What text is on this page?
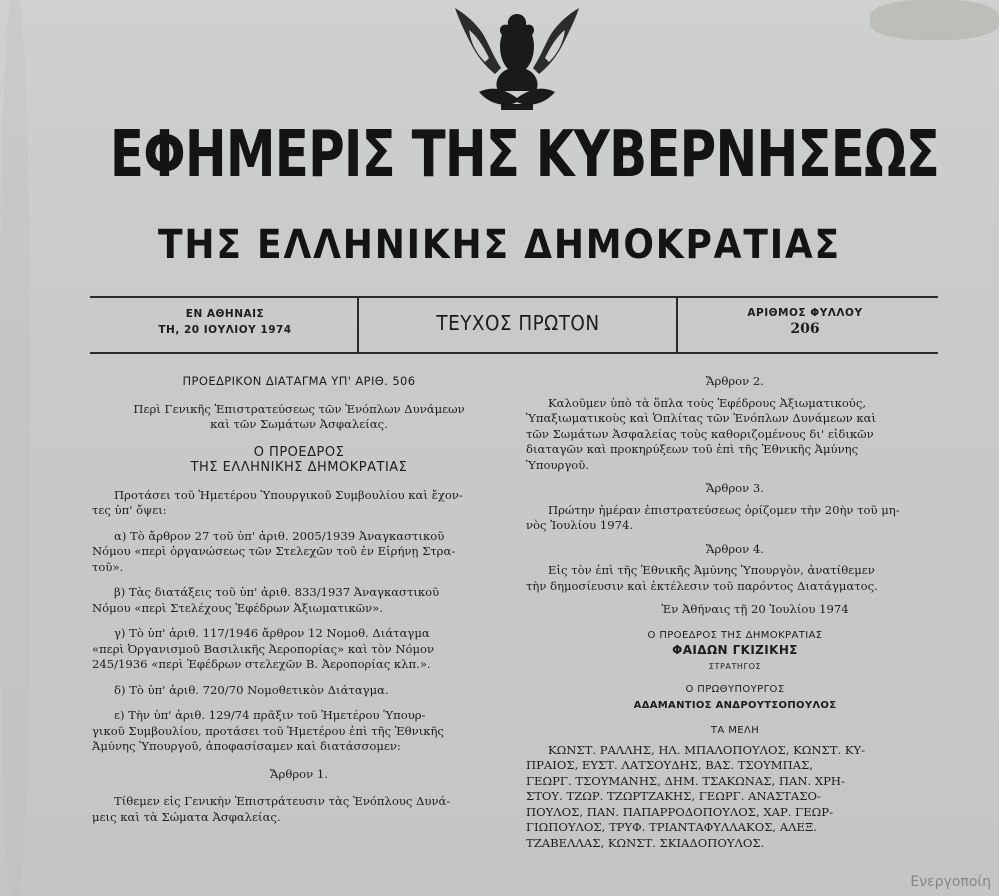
ΕΦΗΜΕΡΙΣ ΤΗΣ ΚΥΒΕΡΝΗΣΕΩΣ
ΤΗΣ ΕΛΛΗΝΙΚΗΣ ΔΗΜΟΚΡΑΤΙΑΣ
ΕΝ ΑΘΗΝΑΙΣ
ΤΗ, 20 ΙΟΥΛΙΟΥ 1974	ΤΕΥΧΟΣ ΠΡΩΤΟΝ	ΑΡΙΘΜΟΣ ΦΥΛΛΟΥ
206
ΠΡΟΕΔΡΙΚΟΝ ΔΙΑΤΑΓΜΑ ΥΠ' ΑΡΙΘ. 506
Περὶ Γενικῆς Ἐπιστρατεύσεως τῶν Ἐνόπλων Δυνάμεων
καὶ τῶν Σωμάτων Ἀσφαλείας.
Ο ΠΡΟΕΔΡΟΣ
ΤΗΣ ΕΛΛΗΝΙΚΗΣ ΔΗΜΟΚΡΑΤΙΑΣ
Προτάσει τοῦ Ἡμετέρου Ὑπουργικοῦ Συμβουλίου καὶ ἔχον-
τες ὑπ' ὄψει:
α) Τὸ ἄρθρον 27 τοῦ ὑπ' ἀριθ. 2005/1939 Ἀναγκαστικοῦ
Νόμου «περὶ ὀργανώσεως τῶν Στελεχῶν τοῦ ἐν Εἰρήνῃ Στρα-
τοῦ».
β) Τὰς διατάξεις τοῦ ὑπ' ἀριθ. 833/1937 Ἀναγκαστικοῦ
Νόμου «περὶ Στελέχους Ἐφέδρων Ἀξιωματικῶν».
γ) Τὸ ὑπ' ἀριθ. 117/1946 ἄρθρον 12 Νομοθ. Διάταγμα
«περὶ Ὀργανισμοῦ Βασιλικῆς Ἀεροπορίας» καὶ τὸν Νόμον
245/1936 «περὶ Ἐφέδρων στελεχῶν Β. Ἀεροπορίας κλπ.».
δ) Τὸ ὑπ' ἀριθ. 720/70 Νομοθετικὸν Διάταγμα.
ε) Τὴν ὑπ' ἀριθ. 129/74 πρᾶξιν τοῦ Ἡμετέρου Ὑπουρ-
γικοῦ Συμβουλίου, προτάσει τοῦ Ἡμετέρου ἐπὶ τῆς Ἐθνικῆς
Ἀμύνης Ὑπουργοῦ, ἀποφασίσαμεν καὶ διατάσσομεν:
Ἄρθρον 1.
Τίθεμεν εἰς Γενικὴν Ἐπιστράτευσιν τὰς Ἐνόπλους Δυνά-
μεις καὶ τὰ Σώματα Ἀσφαλείας.
Ἄρθρον 2.
Καλοῦμεν ὑπὸ τὰ ὅπλα τοὺς Ἐφέδρους Ἀξιωματικούς,
Ὑπαξιωματικοὺς καὶ Ὁπλίτας τῶν Ἐνόπλων Δυνάμεων καὶ
τῶν Σωμάτων Ἀσφαλείας τοὺς καθοριζομένους δι' εἰδικῶν
διαταγῶν καὶ προκηρύξεων τοῦ ἐπὶ τῆς Ἐθνικῆς Ἀμύνης
Ὑπουργοῦ.
Ἄρθρον 3.
Πρώτην ἡμέραν ἐπιστρατεύσεως ὁρίζομεν τὴν 20ὴν τοῦ μη-
νὸς Ἰουλίου 1974.
Ἄρθρον 4.
Εἰς τὸν ἐπὶ τῆς Ἐθνικῆς Ἀμύνης Ὑπουργὸν, ἀνατίθεμεν
τὴν δημοσίευσιν καὶ ἐκτέλεσιν τοῦ παρόντος Διατάγματος.
Ἐν Ἀθήναις τῇ 20 Ἰουλίου 1974
Ο ΠΡΟΕΔΡΟΣ ΤΗΣ ΔΗΜΟΚΡΑΤΙΑΣ
ΦΑΙΔΩΝ ΓΚΙΖΙΚΗΣ
ΣΤΡΑΤΗΓΟΣ
Ο ΠΡΩΘΥΠΟΥΡΓΟΣ
ΑΔΑΜΑΝΤΙΟΣ ΑΝΔΡΟΥΤΣΟΠΟΥΛΟΣ
ΤΑ ΜΕΛΗ
ΚΩΝΣΤ. ΡΑΛΛΗΣ, ΗΛ. ΜΠΑΛΟΠΟΥΛΟΣ, ΚΩΝΣΤ. ΚΥ-
ΠΡΑΙΟΣ, ΕΥΣΤ. ΛΑΤΣΟΥΔΗΣ, ΒΑΣ. ΤΣΟΥΜΠΑΣ,
ΓΕΩΡΓ. ΤΣΟΥΜΑΝΗΣ, ΔΗΜ. ΤΣΑΚΩΝΑΣ, ΠΑΝ. ΧΡΗ-
ΣΤΟΥ. ΤΖΩΡ. ΤΖΩΡΤΖΑΚΗΣ, ΓΕΩΡΓ. ΑΝΑΣΤΑΣΟ-
ΠΟΥΛΟΣ, ΠΑΝ. ΠΑΠΑΡΡΟΔΟΠΟΥΛΟΣ, ΧΑΡ. ΓΕΩΡ-
ΓΙΩΠΟΥΛΟΣ, ΤΡΥΦ. ΤΡΙΑΝΤΑΦΥΛΛΑΚΟΣ, ΑΛΕΞ.
ΤΖΑΒΕΛΛΑΣ, ΚΩΝΣΤ. ΣΚΙΑΔΟΠΟΥΛΟΣ.
Ενεργοποίη
